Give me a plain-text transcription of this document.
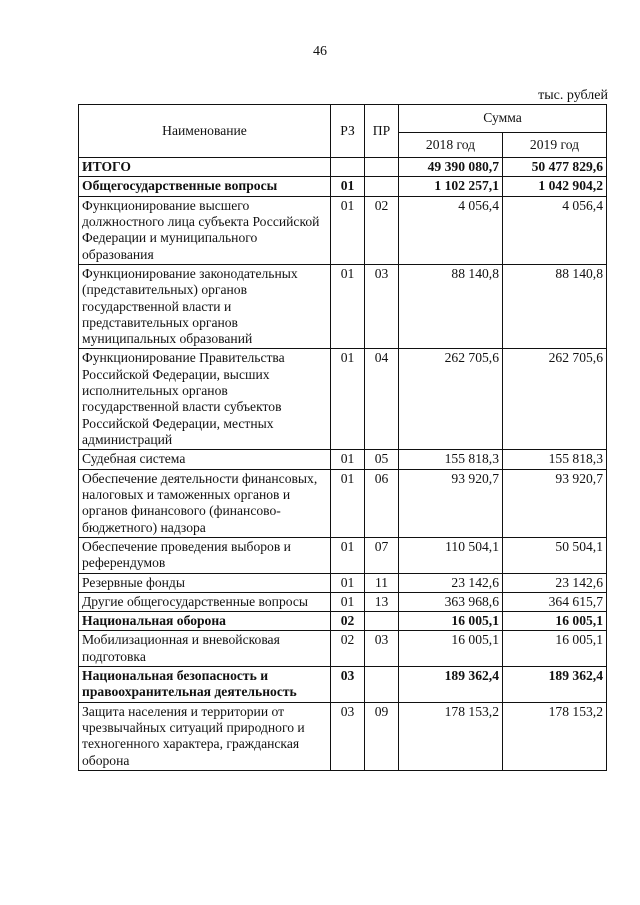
46
тыс. рублей
Наименование	РЗ	ПР	Сумма	
			2018 год	2019 год
ИТОГО			49 390 080,7	50 477 829,6
Общегосударственные вопросы	01		1 102 257,1	1 042 904,2
Функционирование высшего должностного лица субъекта Российской Федерации и муниципального образования	01	02	4 056,4	4 056,4
Функционирование законодательных (представительных) органов государственной власти и представительных органов муниципальных образований	01	03	88 140,8	88 140,8
Функционирование Правительства Российской Федерации, высших исполнительных органов государственной власти субъектов Российской Федерации, местных администраций	01	04	262 705,6	262 705,6
Судебная система	01	05	155 818,3	155 818,3
Обеспечение деятельности финансовых, налоговых и таможенных органов и органов финансового (финансово-бюджетного) надзора	01	06	93 920,7	93 920,7
Обеспечение проведения выборов и референдумов	01	07	110 504,1	50 504,1
Резервные фонды	01	11	23 142,6	23 142,6
Другие общегосударственные вопросы	01	13	363 968,6	364 615,7
Национальная оборона	02		16 005,1	16 005,1
Мобилизационная и вневойсковая подготовка	02	03	16 005,1	16 005,1
Национальная безопасность и правоохранительная деятельность	03		189 362,4	189 362,4
Защита населения и территории от чрезвычайных ситуаций природного и техногенного характера, гражданская оборона	03	09	178 153,2	178 153,2
